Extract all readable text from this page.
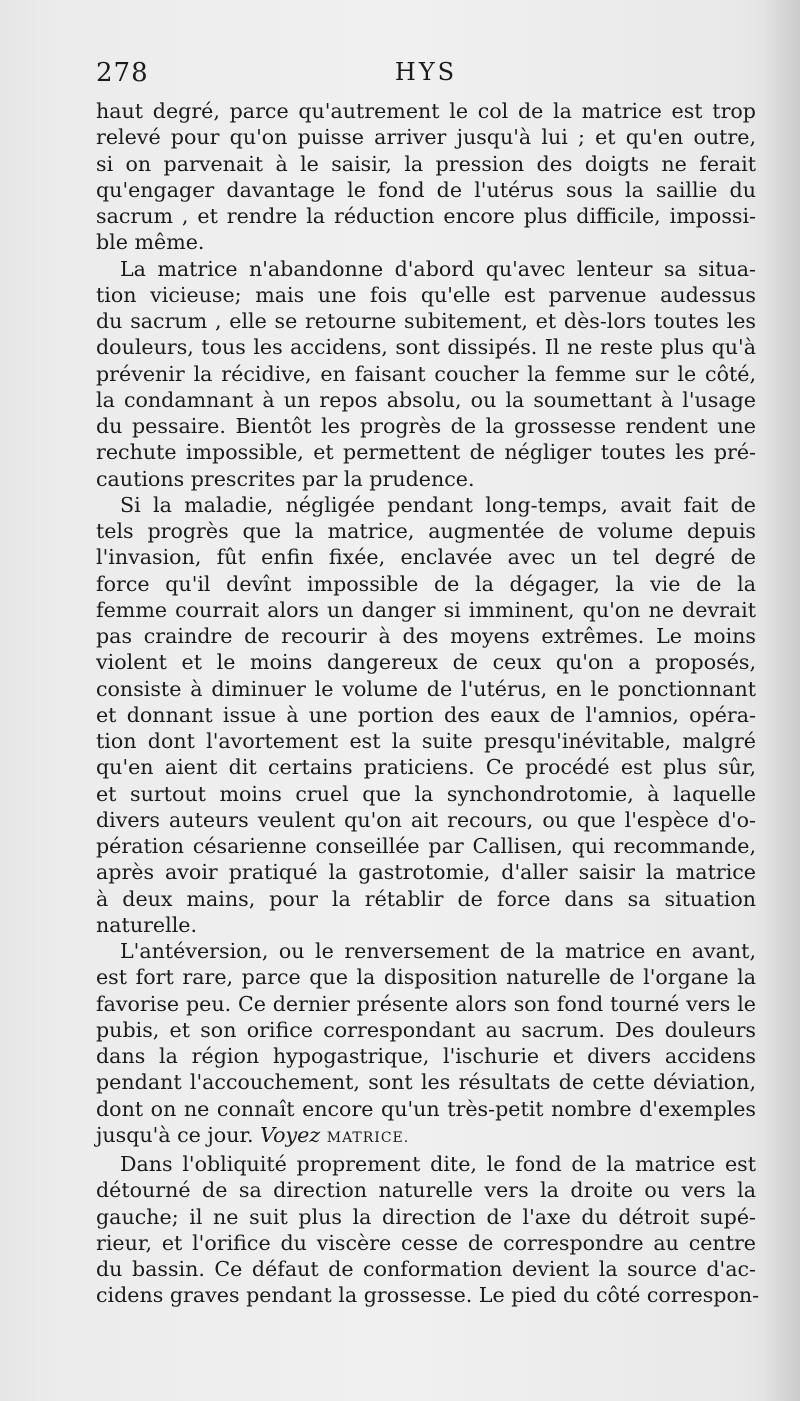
278	HYS

haut degré, parce qu'autrement le col de la matrice est trop
relevé pour qu'on puisse arriver jusqu'à lui ; et qu'en outre,
si on parvenait à le saisir, la pression des doigts ne ferait
qu'engager davantage le fond de l'utérus sous la saillie du
sacrum , et rendre la réduction encore plus difficile, impossi-
ble même.

La matrice n'abandonne d'abord qu'avec lenteur sa situa-
tion vicieuse; mais une fois qu'elle est parvenue audessus
du sacrum , elle se retourne subitement, et dès-lors toutes les
douleurs, tous les accidens, sont dissipés. Il ne reste plus qu'à
prévenir la récidive, en faisant coucher la femme sur le côté,
la condamnant à un repos absolu, ou la soumettant à l'usage
du pessaire. Bientôt les progrès de la grossesse rendent une
rechute impossible, et permettent de négliger toutes les pré-
cautions prescrites par la prudence.

Si la maladie, négligée pendant long-temps, avait fait de
tels progrès que la matrice, augmentée de volume depuis
l'invasion, fût enfin fixée, enclavée avec un tel degré de
force qu'il devînt impossible de la dégager, la vie de la
femme courrait alors un danger si imminent, qu'on ne devrait
pas craindre de recourir à des moyens extrêmes. Le moins
violent et le moins dangereux de ceux qu'on a proposés,
consiste à diminuer le volume de l'utérus, en le ponctionnant
et donnant issue à une portion des eaux de l'amnios, opéra-
tion dont l'avortement est la suite presqu'inévitable, malgré
qu'en aient dit certains praticiens. Ce procédé est plus sûr,
et surtout moins cruel que la synchondrotomie, à laquelle
divers auteurs veulent qu'on ait recours, ou que l'espèce d'o-
pération césarienne conseillée par Callisen, qui recommande,
après avoir pratiqué la gastrotomie, d'aller saisir la matrice
à deux mains, pour la rétablir de force dans sa situation
naturelle.

L'antéversion, ou le renversement de la matrice en avant,
est fort rare, parce que la disposition naturelle de l'organe la
favorise peu. Ce dernier présente alors son fond tourné vers le
pubis, et son orifice correspondant au sacrum. Des douleurs
dans la région hypogastrique, l'ischurie et divers accidens
pendant l'accouchement, sont les résultats de cette déviation,
dont on ne connaît encore qu'un très-petit nombre d'exemples
jusqu'à ce jour. Voyez MATRICE.

Dans l'obliquité proprement dite, le fond de la matrice est
détourné de sa direction naturelle vers la droite ou vers la
gauche; il ne suit plus la direction de l'axe du détroit supé-
rieur, et l'orifice du viscère cesse de correspondre au centre
du bassin. Ce défaut de conformation devient la source d'ac-
cidens graves pendant la grossesse. Le pied du côté correspon-
